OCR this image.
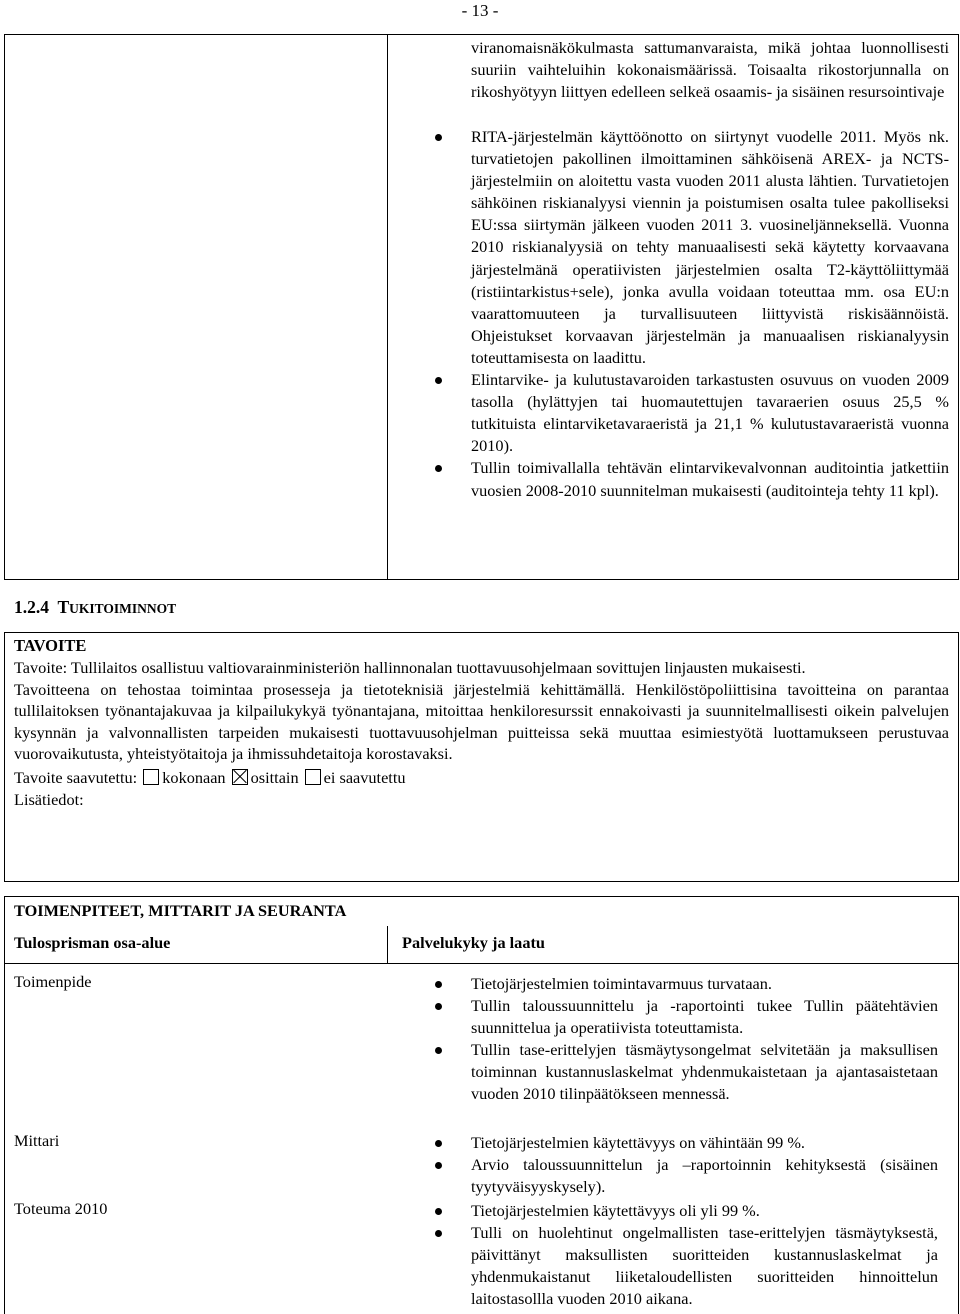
- 13 -
viranomaisnäkökulmasta sattumanvaraista, mikä johtaa luonnollisesti suuriin vaihteluihin kokonaismäärissä. Toisaalta rikostorjunnalla on rikoshyötyyn liittyen edelleen selkeä osaamis- ja sisäinen resursointivaje
RITA-järjestelmän käyttöönotto on siirtynyt vuodelle 2011. Myös nk. turvatietojen pakollinen ilmoittaminen sähköisenä AREX- ja NCTS-järjestelmiin on aloitettu vasta vuoden 2011 alusta lähtien. Turvatietojen sähköinen riskianalyysi viennin ja poistumisen osalta tulee pakolliseksi EU:ssa siirtymän jälkeen vuoden 2011 3. vuosineljänneksellä. Vuonna 2010 riskianalyysiä on tehty manuaalisesti sekä käytetty korvaavana järjestelmänä operatiivisten järjestelmien osalta T2-käyttöliittymää (ristiintarkistus+sele), jonka avulla voidaan toteuttaa mm. osa EU:n vaarattomuuteen ja turvallisuuteen liittyvistä riskisäännöistä. Ohjeistukset korvaavan järjestelmän ja manuaalisen riskianalyysin toteuttamisesta on laadittu.
Elintarvike- ja kulutustavaroiden tarkastusten osuvuus on vuoden 2009 tasolla (hylättyjen tai huomautettujen tavaraerien osuus 25,5 % tutkituista elintarviketavaraeristä ja 21,1 % kulutustavaraeristä vuonna 2010).
Tullin toimivallalla tehtävän elintarvikevalvonnan auditointia jatkettiin vuosien 2008-2010 suunnitelman mukaisesti (auditointeja tehty 11 kpl).
1.2.4 TUKITOIMINNOT
TAVOITE
Tavoite: Tullilaitos osallistuu valtiovarainministeriön hallinnonalan tuottavuusohjelmaan sovittujen linjausten mukaisesti.
Tavoitteena on tehostaa toimintaa prosesseja ja tietoteknisiä järjestelmiä kehittämällä. Henkilöstöpoliittisina tavoitteina on parantaa tullilaitoksen työnantajakuvaa ja kilpailukykyä työnantajana, mitoittaa henkiloresurssit ennakoivasti ja suunnitelmallisesti oikein palvelujen kysynnän ja valvonnallisten tarpeiden mukaisesti tuottavuusohjelman puitteissa sekä muuttaa esimiestyötä luottamukseen perustuvaa vuorovaikutusta, yhteistyötaitoja ja ihmissuhdetaitoja korostavaksi.
Tavoite saavutettu: kokonaan osittain ei saavutettu
Lisätiedot:
TOIMENPITEET, MITTARIT JA SEURANTA
Tulosprisman osa-alue	Palvelukyky ja laatu
Toimenpide	Tietojärjestelmien toimintavarmuus turvataan.
Tullin taloussuunnittelu ja -raportointi tukee Tullin päätehtävien suunnittelua ja operatiivista toteuttamista.
Tullin tase-erittelyjen täsmäytysongelmat selvitetään ja maksullisen toiminnan kustannuslaskelmat yhdenmukaistetaan ja ajantasaistetaan vuoden 2010 tilinpäätökseen mennessä.
Mittari	Tietojärjestelmien käytettävyys on vähintään 99 %.
Arvio taloussuunnittelun ja –raportoinnin kehityksestä (sisäinen tyytyväisyyskysely).
Toteuma 2010	Tietojärjestelmien käytettävyys oli yli 99 %.
Tulli on huolehtinut ongelmallisten tase-erittelyjen täsmäytyksestä, päivittänyt maksullisten suoritteiden kustannuslaskelmat ja yhdenmukaistanut liiketaloudellisten suoritteiden hinnoittelun laitostasollla vuoden 2010 aikana.
